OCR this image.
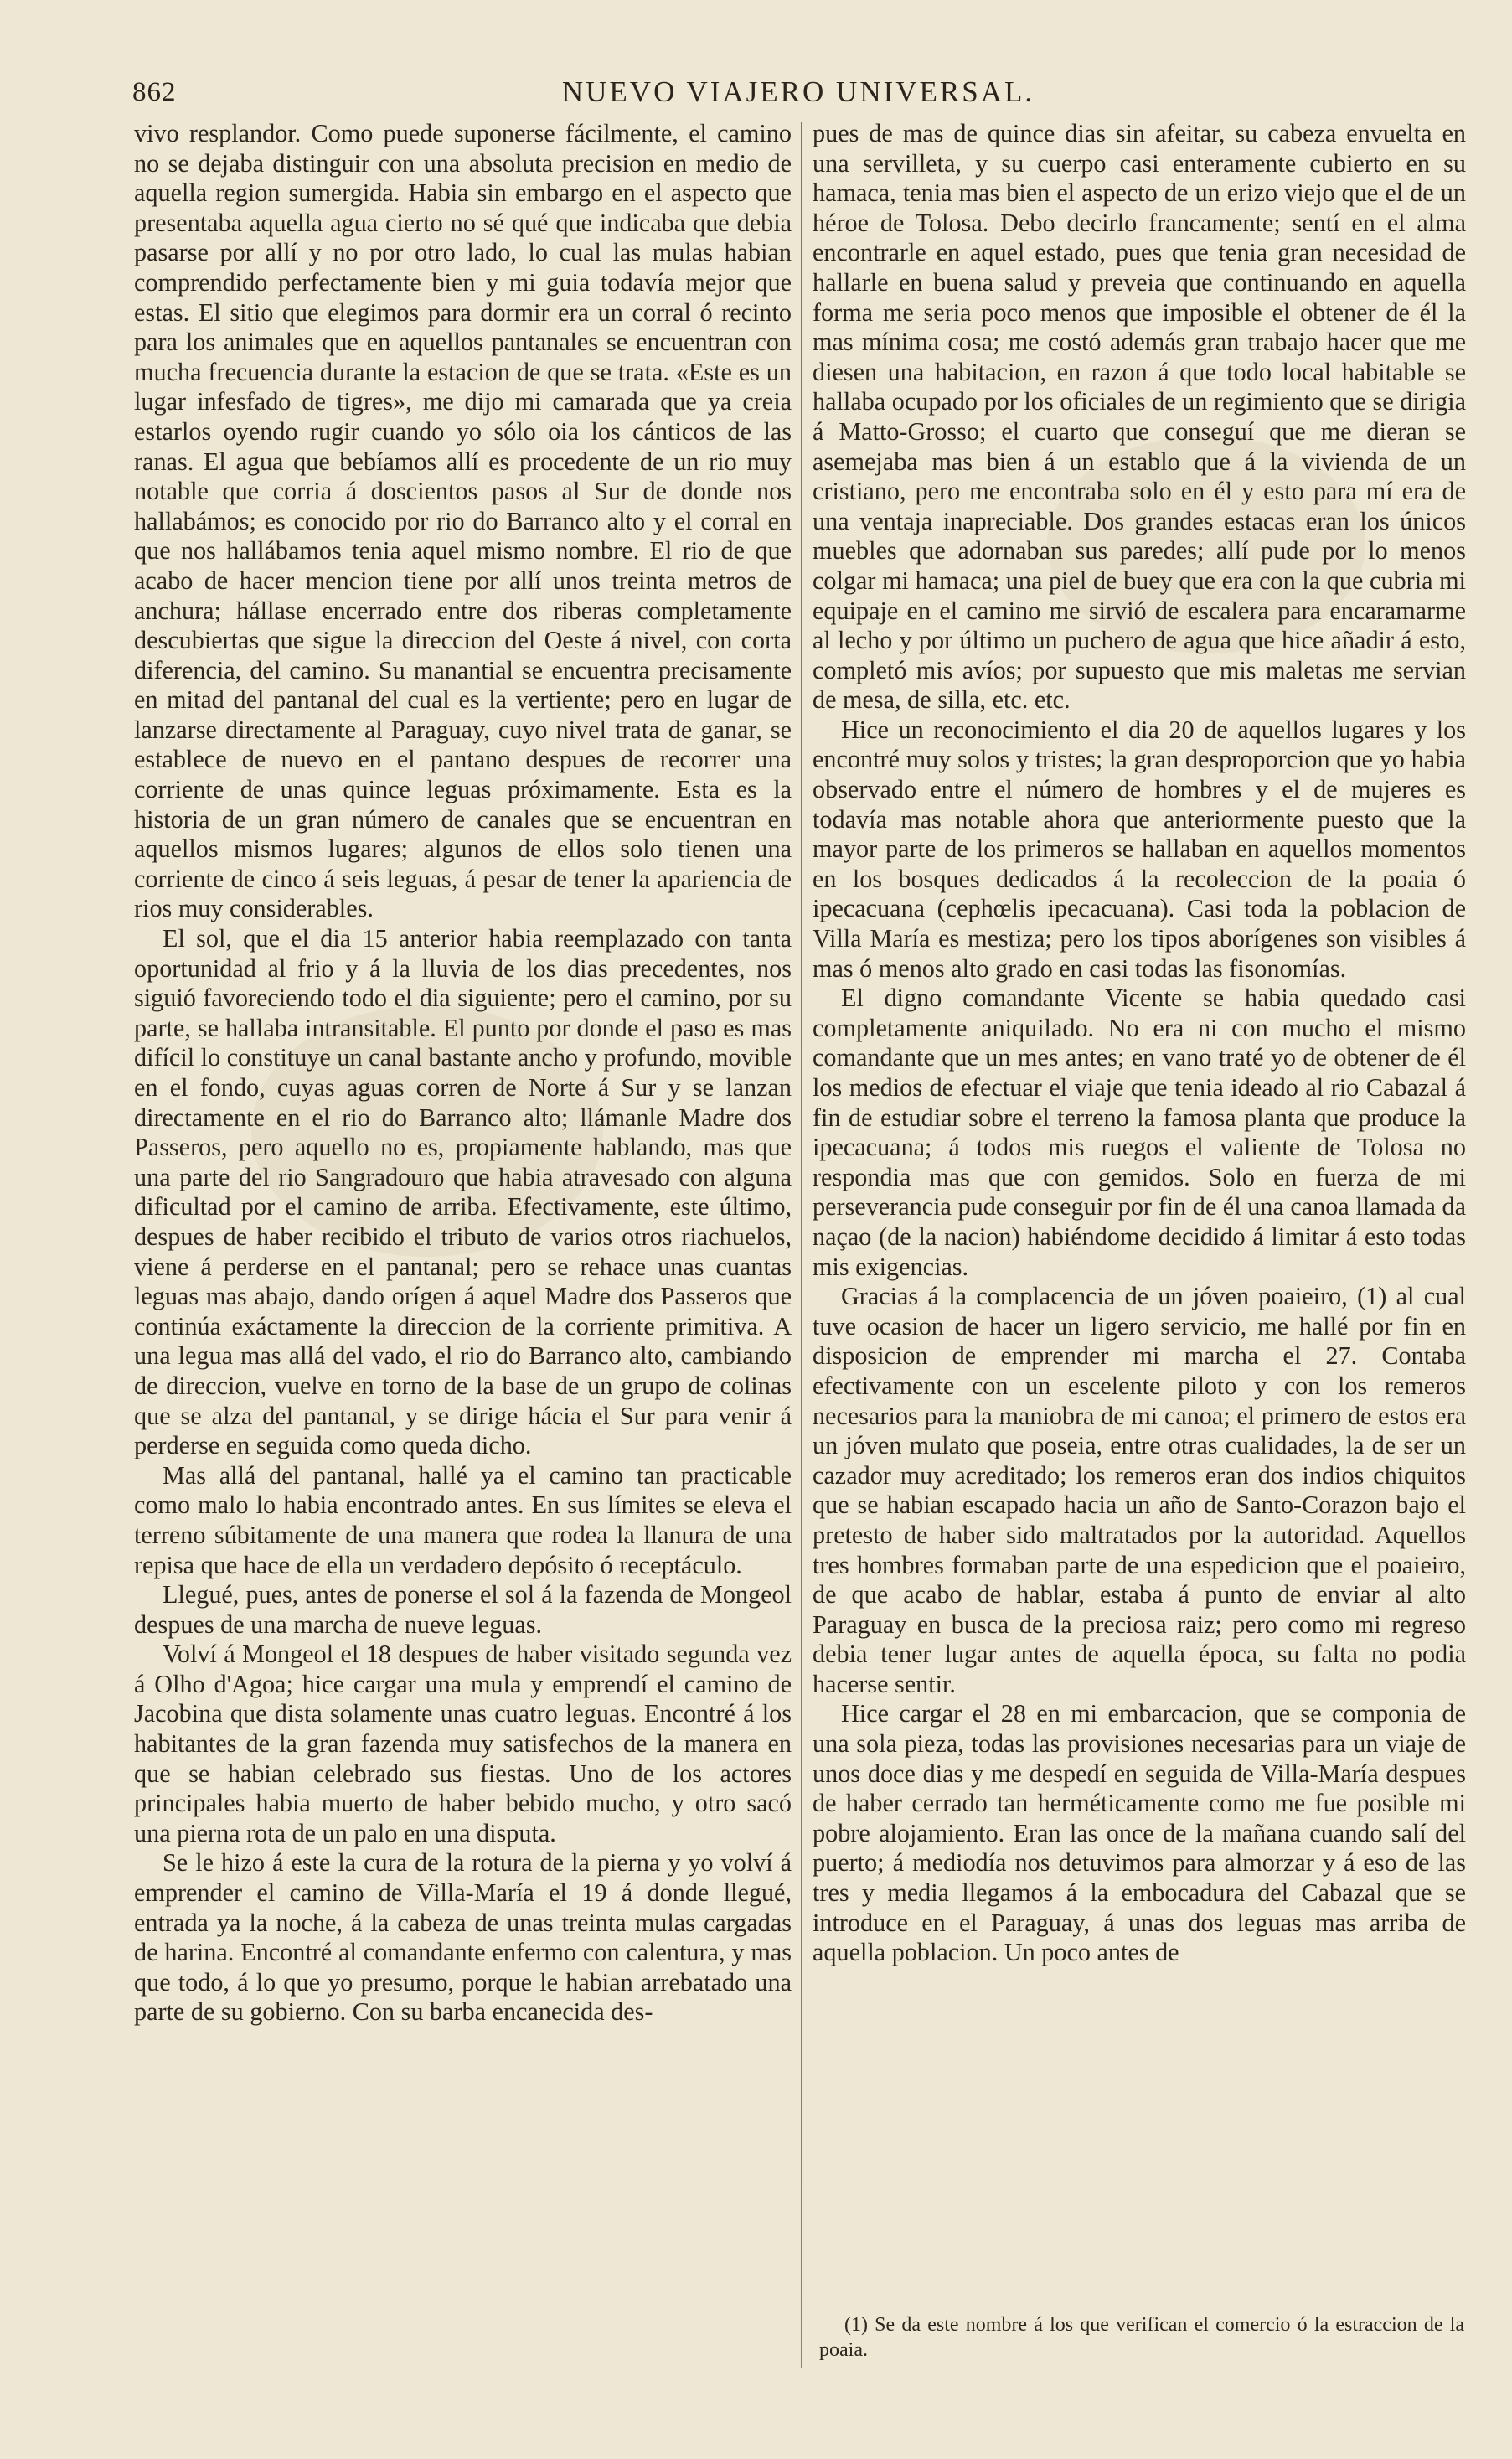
862	NUEVO VIAJERO UNIVERSAL.

vivo resplandor. Como puede suponerse fácilmente, el camino no se dejaba distinguir con una absoluta precision en medio de aquella region sumergida. Habia sin embargo en el aspecto que presentaba aquella agua cierto no sé qué que indicaba que debia pasarse por allí y no por otro lado, lo cual las mulas habian comprendido perfectamente bien y mi guia todavía mejor que estas. El sitio que elegimos para dormir era un corral ó recinto para los animales que en aquellos pantanales se encuentran con mucha frecuencia durante la estacion de que se trata. «Este es un lugar infesfado de tigres», me dijo mi camarada que ya creia estarlos oyendo rugir cuando yo sólo oia los cánticos de las ranas. El agua que bebíamos allí es procedente de un rio muy notable que corria á doscientos pasos al Sur de donde nos hallabámos; es conocido por rio do Barranco alto y el corral en que nos hallábamos tenia aquel mismo nombre. El rio de que acabo de hacer mencion tiene por allí unos treinta metros de anchura; hállase encerrado entre dos riberas completamente descubiertas que sigue la direccion del Oeste á nivel, con corta diferencia, del camino. Su manantial se encuentra precisamente en mitad del pantanal del cual es la vertiente; pero en lugar de lanzarse directamente al Paraguay, cuyo nivel trata de ganar, se establece de nuevo en el pantano despues de recorrer una corriente de unas quince leguas próximamente. Esta es la historia de un gran número de canales que se encuentran en aquellos mismos lugares; algunos de ellos solo tienen una corriente de cinco á seis leguas, á pesar de tener la apariencia de rios muy considerables.

El sol, que el dia 15 anterior habia reemplazado con tanta oportunidad al frio y á la lluvia de los dias precedentes, nos siguió favoreciendo todo el dia siguiente; pero el camino, por su parte, se hallaba intransitable. El punto por donde el paso es mas difícil lo constituye un canal bastante ancho y profundo, movible en el fondo, cuyas aguas corren de Norte á Sur y se lanzan directamente en el rio do Barranco alto; llámanle Madre dos Passeros, pero aquello no es, propiamente hablando, mas que una parte del rio Sangradouro que habia atravesado con alguna dificultad por el camino de arriba. Efectivamente, este último, despues de haber recibido el tributo de varios otros riachuelos, viene á perderse en el pantanal; pero se rehace unas cuantas leguas mas abajo, dando orígen á aquel Madre dos Passeros que continúa exáctamente la direccion de la corriente primitiva. A una legua mas allá del vado, el rio do Barranco alto, cambiando de direccion, vuelve en torno de la base de un grupo de colinas que se alza del pantanal, y se dirige hácia el Sur para venir á perderse en seguida como queda dicho.

Mas allá del pantanal, hallé ya el camino tan practicable como malo lo habia encontrado antes. En sus límites se eleva el terreno súbitamente de una manera que rodea la llanura de una repisa que hace de ella un verdadero depósito ó receptáculo.

Llegué, pues, antes de ponerse el sol á la fazenda de Mongeol despues de una marcha de nueve leguas.

Volví á Mongeol el 18 despues de haber visitado segunda vez á Olho d'Agoa; hice cargar una mula y emprendí el camino de Jacobina que dista solamente unas cuatro leguas. Encontré á los habitantes de la gran fazenda muy satisfechos de la manera en que se habian celebrado sus fiestas. Uno de los actores principales habia muerto de haber bebido mucho, y otro sacó una pierna rota de un palo en una disputa.

Se le hizo á este la cura de la rotura de la pierna y yo volví á emprender el camino de Villa-María el 19 á donde llegué, entrada ya la noche, á la cabeza de unas treinta mulas cargadas de harina. Encontré al comandante enfermo con calentura, y mas que todo, á lo que yo presumo, porque le habian arrebatado una parte de su gobierno. Con su barba encanecida des-

pues de mas de quince dias sin afeitar, su cabeza envuelta en una servilleta, y su cuerpo casi enteramente cubierto en su hamaca, tenia mas bien el aspecto de un erizo viejo que el de un héroe de Tolosa. Debo decirlo francamente; sentí en el alma encontrarle en aquel estado, pues que tenia gran necesidad de hallarle en buena salud y preveia que continuando en aquella forma me seria poco menos que imposible el obtener de él la mas mínima cosa; me costó además gran trabajo hacer que me diesen una habitacion, en razon á que todo local habitable se hallaba ocupado por los oficiales de un regimiento que se dirigia á Matto-Grosso; el cuarto que conseguí que me dieran se asemejaba mas bien á un establo que á la vivienda de un cristiano, pero me encontraba solo en él y esto para mí era de una ventaja inapreciable. Dos grandes estacas eran los únicos muebles que adornaban sus paredes; allí pude por lo menos colgar mi hamaca; una piel de buey que era con la que cubria mi equipaje en el camino me sirvió de escalera para encaramarme al lecho y por último un puchero de agua que hice añadir á esto, completó mis avíos; por supuesto que mis maletas me servian de mesa, de silla, etc. etc.

Hice un reconocimiento el dia 20 de aquellos lugares y los encontré muy solos y tristes; la gran desproporcion que yo habia observado entre el número de hombres y el de mujeres es todavía mas notable ahora que anteriormente puesto que la mayor parte de los primeros se hallaban en aquellos momentos en los bosques dedicados á la recoleccion de la poaia ó ipecacuana (cephœlis ipecacuana). Casi toda la poblacion de Villa María es mestiza; pero los tipos aborígenes son visibles á mas ó menos alto grado en casi todas las fisonomías.

El digno comandante Vicente se habia quedado casi completamente aniquilado. No era ni con mucho el mismo comandante que un mes antes; en vano traté yo de obtener de él los medios de efectuar el viaje que tenia ideado al rio Cabazal á fin de estudiar sobre el terreno la famosa planta que produce la ipecacuana; á todos mis ruegos el valiente de Tolosa no respondia mas que con gemidos. Solo en fuerza de mi perseverancia pude conseguir por fin de él una canoa llamada da naçao (de la nacion) habiéndome decidido á limitar á esto todas mis exigencias.

Gracias á la complacencia de un jóven poaieiro, (1) al cual tuve ocasion de hacer un ligero servicio, me hallé por fin en disposicion de emprender mi marcha el 27. Contaba efectivamente con un escelente piloto y con los remeros necesarios para la maniobra de mi canoa; el primero de estos era un jóven mulato que poseia, entre otras cualidades, la de ser un cazador muy acreditado; los remeros eran dos indios chiquitos que se habian escapado hacia un año de Santo-Corazon bajo el pretesto de haber sido maltratados por la autoridad. Aquellos tres hombres formaban parte de una espedicion que el poaieiro, de que acabo de hablar, estaba á punto de enviar al alto Paraguay en busca de la preciosa raiz; pero como mi regreso debia tener lugar antes de aquella época, su falta no podia hacerse sentir.

Hice cargar el 28 en mi embarcacion, que se componia de una sola pieza, todas las provisiones necesarias para un viaje de unos doce dias y me despedí en seguida de Villa-María despues de haber cerrado tan herméticamente como me fue posible mi pobre alojamiento. Eran las once de la mañana cuando salí del puerto; á mediodía nos detuvimos para almorzar y á eso de las tres y media llegamos á la embocadura del Cabazal que se introduce en el Paraguay, á unas dos leguas mas arriba de aquella poblacion. Un poco antes de

(1) Se da este nombre á los que verifican el comercio ó la estraccion de la poaia.
